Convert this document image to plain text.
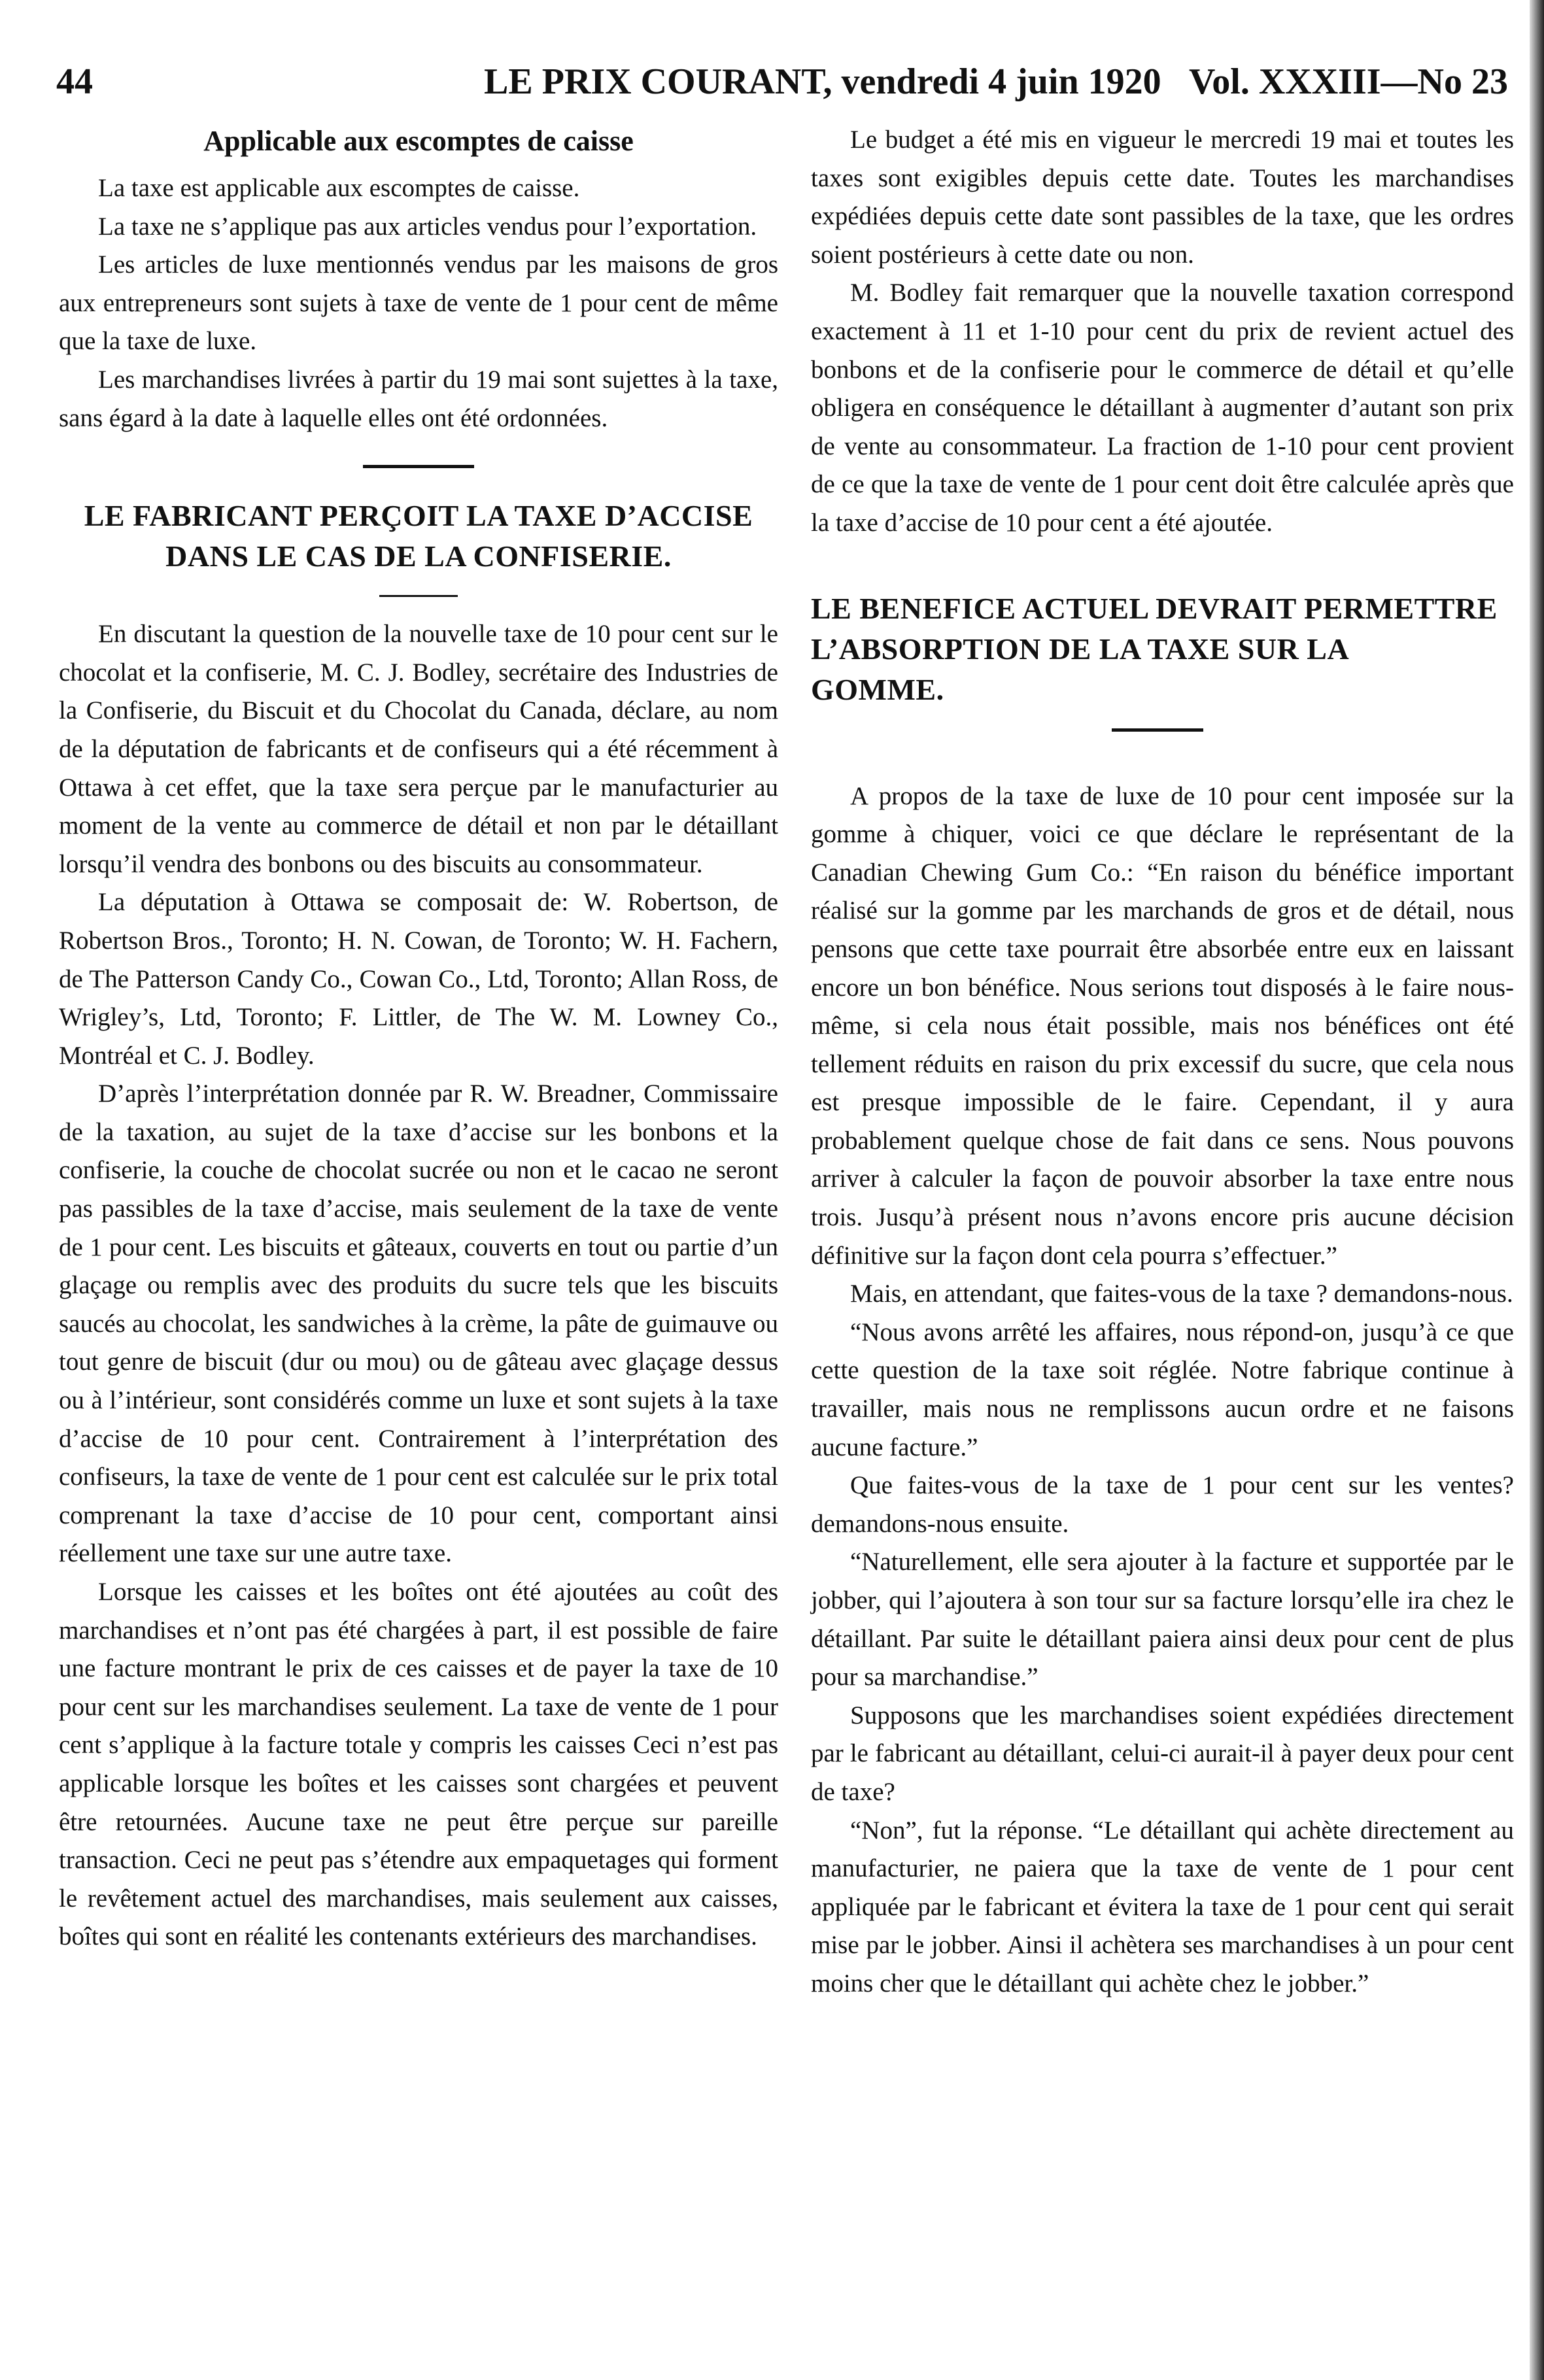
44	LE PRIX COURANT, vendredi 4 juin 1920 Vol. XXXIII—No 23
Applicable aux escomptes de caisse

La taxe est applicable aux escomptes de caisse.

La taxe ne s’applique pas aux articles vendus pour l’exportation.

Les articles de luxe mentionnés vendus par les maisons de gros aux entrepreneurs sont sujets à taxe de vente de 1 pour cent de même que la taxe de luxe.

Les marchandises livrées à partir du 19 mai sont sujettes à la taxe, sans égard à la date à laquelle elles ont été ordonnées.

LE FABRICANT PERÇOIT LA TAXE D’ACCISE
DANS LE CAS DE LA CONFISERIE.

En discutant la question de la nouvelle taxe de 10 pour cent sur le chocolat et la confiserie, M. C. J. Bodley, secrétaire des Industries de la Confiserie, du Biscuit et du Chocolat du Canada, déclare, au nom de la députation de fabricants et de confiseurs qui a été récemment à Ottawa à cet effet, que la taxe sera perçue par le manufacturier au moment de la vente au commerce de détail et non par le détaillant lorsqu’il vendra des bonbons ou des biscuits au consommateur.

La députation à Ottawa se composait de: W. Robertson, de Robertson Bros., Toronto; H. N. Cowan, de Toronto; W. H. Fachern, de The Patterson Candy Co., Cowan Co., Ltd, Toronto; Allan Ross, de Wrigley’s, Ltd, Toronto; F. Littler, de The W. M. Lowney Co., Montréal et C. J. Bodley.

D’après l’interprétation donnée par R. W. Breadner, Commissaire de la taxation, au sujet de la taxe d’accise sur les bonbons et la confiserie, la couche de chocolat sucrée ou non et le cacao ne seront pas passibles de la taxe d’accise, mais seulement de la taxe de vente de 1 pour cent. Les biscuits et gâteaux, couverts en tout ou partie d’un glaçage ou remplis avec des produits du sucre tels que les biscuits saucés au chocolat, les sandwiches à la crème, la pâte de guimauve ou tout genre de biscuit (dur ou mou) ou de gâteau avec glaçage dessus ou à l’intérieur, sont considérés comme un luxe et sont sujets à la taxe d’accise de 10 pour cent. Contrairement à l’interprétation des confiseurs, la taxe de vente de 1 pour cent est calculée sur le prix total comprenant la taxe d’accise de 10 pour cent, comportant ainsi réellement une taxe sur une autre taxe.

Lorsque les caisses et les boîtes ont été ajoutées au coût des marchandises et n’ont pas été chargées à part, il est possible de faire une facture montrant le prix de ces caisses et de payer la taxe de 10 pour cent sur les marchandises seulement. La taxe de vente de 1 pour cent s’applique à la facture totale y compris les caisses Ceci n’est pas applicable lorsque les boîtes et les caisses sont chargées et peuvent être retournées. Aucune taxe ne peut être perçue sur pareille transaction. Ceci ne peut pas s’étendre aux empaquetages qui forment le revêtement actuel des marchandises, mais seulement aux caisses, boîtes qui sont en réalité les contenants extérieurs des marchandises.

Le budget a été mis en vigueur le mercredi 19 mai et toutes les taxes sont exigibles depuis cette date. Toutes les marchandises expédiées depuis cette date sont passibles de la taxe, que les ordres soient postérieurs à cette date ou non.

M. Bodley fait remarquer que la nouvelle taxation correspond exactement à 11 et 1-10 pour cent du prix de revient actuel des bonbons et de la confiserie pour le commerce de détail et qu’elle obligera en conséquence le détaillant à augmenter d’autant son prix de vente au consommateur. La fraction de 1-10 pour cent provient de ce que la taxe de vente de 1 pour cent doit être calculée après que la taxe d’accise de 10 pour cent a été ajoutée.

LE BENEFICE ACTUEL DEVRAIT PERMETTRE
L’ABSORPTION DE LA TAXE SUR LA
GOMME.

A propos de la taxe de luxe de 10 pour cent imposée sur la gomme à chiquer, voici ce que déclare le représentant de la Canadian Chewing Gum Co.: “En raison du bénéfice important réalisé sur la gomme par les marchands de gros et de détail, nous pensons que cette taxe pourrait être absorbée entre eux en laissant encore un bon bénéfice. Nous serions tout disposés à le faire nous-même, si cela nous était possible, mais nos bénéfices ont été tellement réduits en raison du prix excessif du sucre, que cela nous est presque impossible de le faire. Cependant, il y aura probablement quelque chose de fait dans ce sens. Nous pouvons arriver à calculer la façon de pouvoir absorber la taxe entre nous trois. Jusqu’à présent nous n’avons encore pris aucune décision définitive sur la façon dont cela pourra s’effectuer.”

Mais, en attendant, que faites-vous de la taxe ? demandons-nous.

“Nous avons arrêté les affaires, nous répond-on, jusqu’à ce que cette question de la taxe soit réglée. Notre fabrique continue à travailler, mais nous ne remplissons aucun ordre et ne faisons aucune facture.”

Que faites-vous de la taxe de 1 pour cent sur les ventes? demandons-nous ensuite.

“Naturellement, elle sera ajouter à la facture et supportée par le jobber, qui l’ajoutera à son tour sur sa facture lorsqu’elle ira chez le détaillant. Par suite le détaillant paiera ainsi deux pour cent de plus pour sa marchandise.”

Supposons que les marchandises soient expédiées directement par le fabricant au détaillant, celui-ci aurait-il à payer deux pour cent de taxe?

“Non”, fut la réponse. “Le détaillant qui achète directement au manufacturier, ne paiera que la taxe de vente de 1 pour cent appliquée par le fabricant et évitera la taxe de 1 pour cent qui serait mise par le jobber. Ainsi il achètera ses marchandises à un pour cent moins cher que le détaillant qui achète chez le jobber.”
